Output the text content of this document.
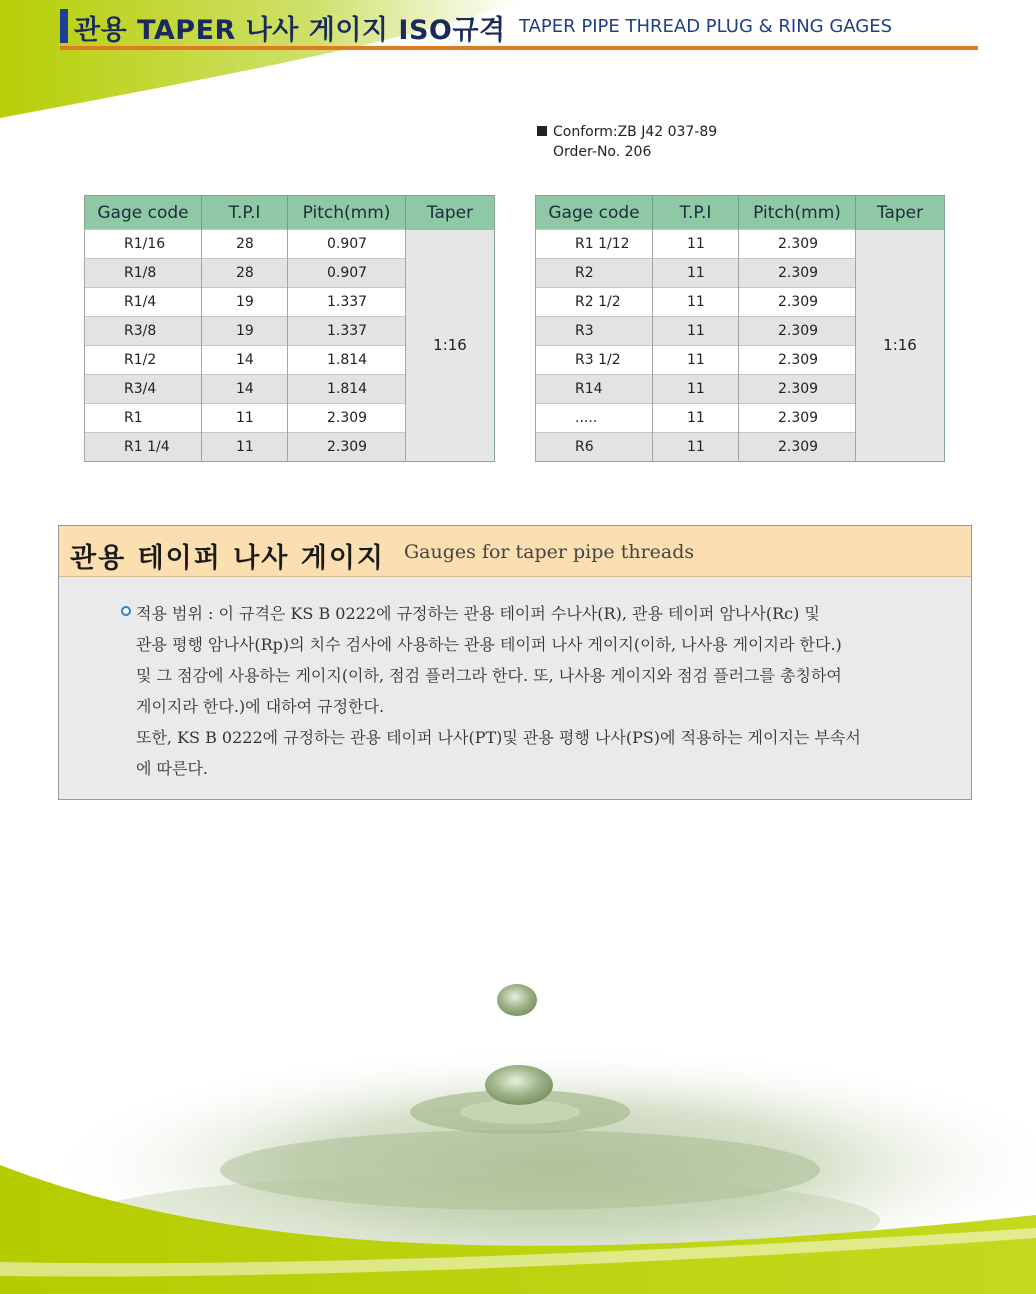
관용 TAPER 나사 게이지 ISO규격 TAPER PIPE THREAD PLUG & RING GAGES
Conform:ZB J42 037-89
Order-No. 206
Gage code	T.P.I	Pitch(mm)	Taper
R1/16	28	0.907	1:16
R1/8	28	0.907	
R1/4	19	1.337	
R3/8	19	1.337	
R1/2	14	1.814	
R3/4	14	1.814	
R1	11	2.309	
R1 1/4	11	2.309	
Gage code	T.P.I	Pitch(mm)	Taper
R1 1/12	11	2.309	1:16
R2	11	2.309	
R2 1/2	11	2.309	
R3	11	2.309	
R3 1/2	11	2.309	
R14	11	2.309	
.....	11	2.309	
R6	11	2.309	
관용 테이퍼 나사 게이지 Gauges for taper pipe threads

적용 범위 : 이 규격은 KS B 0222에 규정하는 관용 테이퍼 수나사(R), 관용 테이퍼 암나사(Rc) 및

관용 평행 암나사(Rp)의 치수 검사에 사용하는 관용 테이퍼 나사 게이지(이하, 나사용 게이지라 한다.)

및 그 점감에 사용하는 게이지(이하, 점검 플러그라 한다. 또, 나사용 게이지와 점검 플러그를 총칭하여

게이지라 한다.)에 대하여 규정한다.

또한, KS B 0222에 규정하는 관용 테이퍼 나사(PT)및 관용 평행 나사(PS)에 적용하는 게이지는 부속서

에 따른다.
